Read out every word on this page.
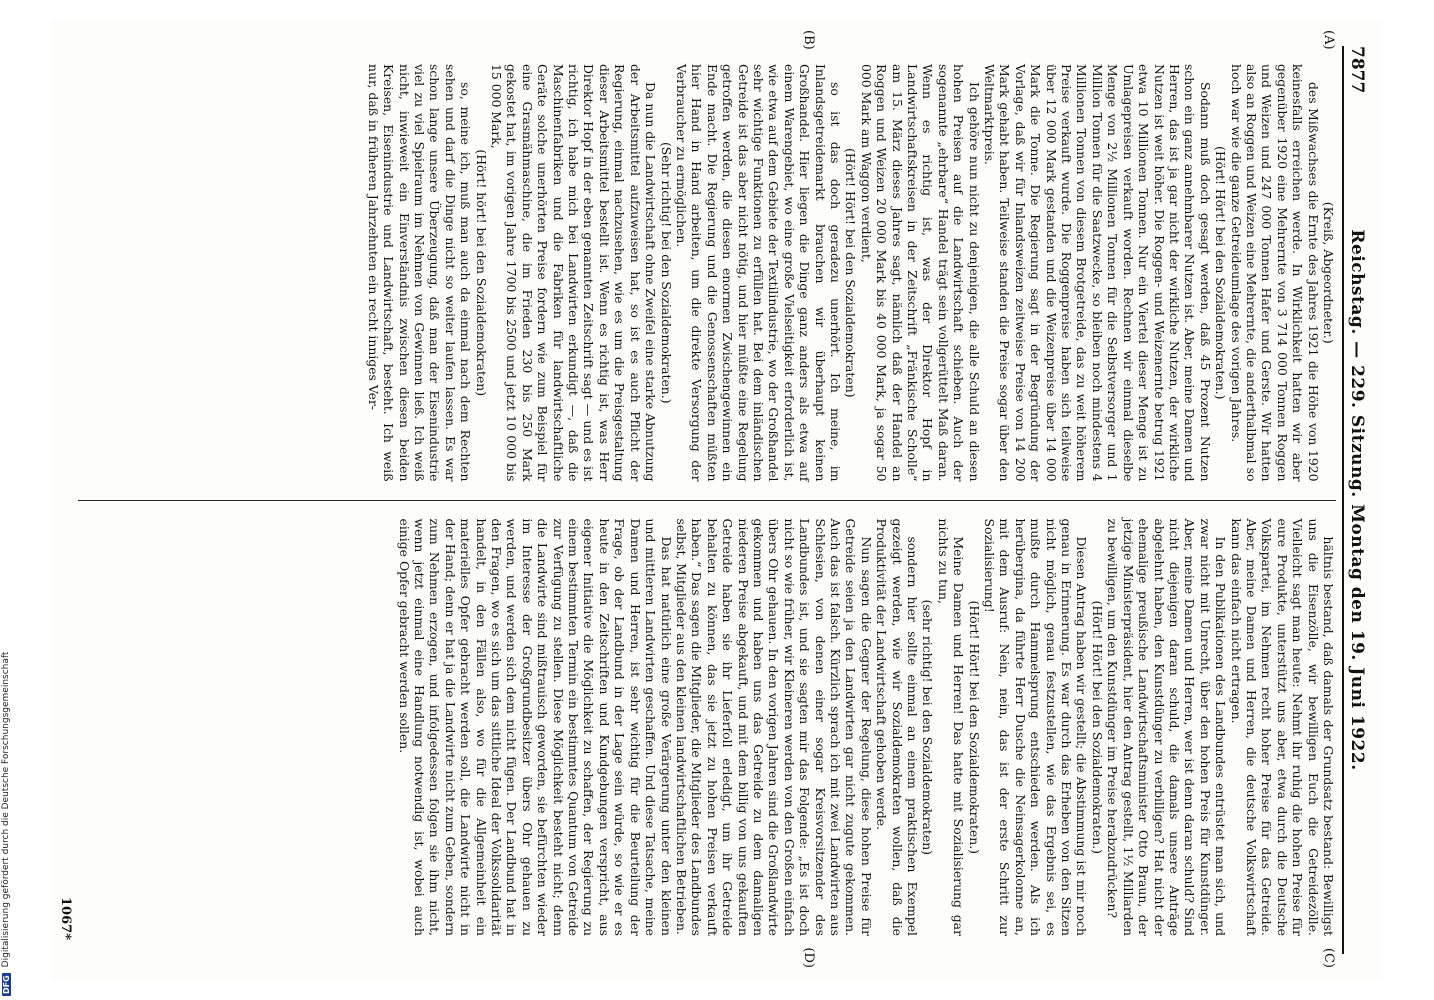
DFG
Digitalisierung gefördert durch die Deutsche Forschungsgemeinschaft
7877
Reichstag. — 229. Sitzung. Montag den 19. Juni 1922.
(A)
(B)

(Kreiß, Abgeordneter.)

des Mißwachses die Ernte des Jahres 1921 die Höhe von 1920 keinesfalls erreichen werde. In Wirklichkeit hatten wir aber gegenüber 1920 eine Mehrernte von 3 714 000 Tonnen Roggen und Weizen und 247 000 Tonnen Hafer und Gerste. Wir hatten also an Roggen und Weizen eine Mehrernte, die anderthalbmal so hoch war wie die ganze Getreideumlage des vorigen Jahres.

(Hört! Hört! bei den Sozialdemokraten.)

Sodann muß doch gesagt werden, daß 45 Prozent Nutzen schon ein ganz annehmbarer Nutzen ist. Aber, meine Damen und Herren, das ist ja gar nicht der wirkliche Nutzen, der wirkliche Nutzen ist weit höher. Die Roggen- und Weizenernte betrug 1921 etwa 10 Millionen Tonnen. Nur ein Viertel dieser Menge ist zu Umlagepreisen verkauft worden. Rechnen wir einmal dieselbe Menge von 2½ Millionen Tonnen für die Selbstversorger und 1 Million Tonnen für die Saatzwecke, so bleiben noch mindestens 4 Millionen Tonnen von diesem Brotgetreide, das zu weit höherem Preise verkauft wurde. Die Roggenpreise haben sich teilweise über 12 000 Mark gestanden und die Weizenpreise über 14 000 Mark die Tonne. Die Regierung sagt in der Begründung der Vorlage, daß wir für Inlandsweizen zeitweise Preise von 14 200 Mark gehabt haben. Teilweise standen die Preise sogar über den Weltmarktpreis.

Ich gehöre nun nicht zu denjenigen, die alle Schuld an diesen hohen Preisen auf die Landwirtschaft schieben. Auch der sogenannte „ehrbare“ Handel trägt sein vollgerüttelt Maß daran. Wenn es richtig ist, was der Direktor Hopf in Landwirtschaftskreisen in der Zeitschrift „Fränkische Scholle“ am 15. März dieses Jahres sagt, nämlich daß der Handel an Roggen und Weizen 20 000 Mark bis 40 000 Mark, ja sogar 50 000 Mark am Waggon verdient,

(Hört! Hört! bei den Sozialdemokraten)

so ist das doch geradezu unerhört. Ich meine, im Inlandsgetreidemarkt brauchen wir überhaupt keinen Großhandel. Hier liegen die Dinge ganz anders als etwa auf einem Warengebiet, wo eine große Vielseitigkeit erforderlich ist, wie etwa auf dem Gebiete der Textilindustrie, wo der Großhandel sehr wichtige Funktionen zu erfüllen hat. Bei dem inländischen Getreide ist das aber nicht nötig, und hier müßte eine Regelung getroffen werden, die diesen enormen Zwischengewinnen ein Ende macht. Die Regierung und die Genossenschaften müßten hier Hand in Hand arbeiten, um die direkte Versorgung der Verbraucher zu ermöglichen.

(Sehr richtig! bei den Sozialdemokraten.)

Da nun die Landwirtschaft ohne Zweifel eine starke Abnutzung der Arbeitsmittel aufzuweisen hat, so ist es auch Pflicht der Regierung, einmal nachzusehen, wie es um die Preisgestaltung dieser Arbeitsmittel bestellt ist. Wenn es richtig ist, was Herr Direktor Hopf in der eben genannten Zeitschrift sagt — und es ist richtig, ich habe mich bei Landwirten erkundigt —, daß die Maschinenfabriken und die Fabriken für landwirtschaftliche Geräte solche unerhörten Preise fordern wie zum Beispiel für eine Grasmähmaschine, die im Frieden 230 bis 250 Mark gekostet hat, im vorigen Jahre 1700 bis 2500 und jetzt 10 000 bis 15 000 Mark,

(Hört! hört! bei den Sozialdemokraten)

so, meine ich, muß man auch da einmal nach dem Rechten sehen und darf die Dinge nicht so weiter laufen lassen. Es war schon lange unsere Überzeugung, daß man der Eisenindustrie viel zu viel Spielraum im Nehmen von Gewinnen ließ. Ich weiß nicht, inwieweit ein Einverständnis zwischen diesen beiden Kreisen, Eisenindustrie und Landwirtschaft, besteht. Ich weiß nur, daß in früheren Jahrzehnten ein recht inniges Ver-

(C)
(D)

hältnis bestand, daß damals der Grundsatz bestand: Bewilligst uns die Eisenzölle, wir bewilligen Euch die Getreidezölle. Vielleicht sagt man heute: Nehmt ihr ruhig die hohen Preise für eure Produkte, unterstützt uns aber, etwa durch die Deutsche Volkspartei, im Nehmen recht hoher Preise für das Getreide. Aber, meine Damen und Herren, die deutsche Volkswirtschaft kann das einfach nicht ertragen.

In den Publikationen des Landbundes entrüstet man sich, und zwar nicht mit Unrecht, über den hohen Preis für Kunstdünger. Aber, meine Damen und Herren, wer ist denn daran schuld? Sind nicht diejenigen daran schuld, die damals unsere Anträge abgelehnt haben, den Kunstdünger zu verbilligen? Hat nicht der ehemalige preußische Landwirtschaftsminister Otto Braun, der jetzige Ministerpräsident, hier den Antrag gestellt, 1½ Milliarden zu bewilligen, um den Kunstdünger im Preise herabzudrücken?

(Hört! Hört! bei den Sozialdemokraten.)

Diesen Antrag haben wir gestellt; die Abstimmung ist mir noch genau in Erinnerung. Es war durch das Erheben von den Sitzen nicht möglich, genau festzustellen, wie das Ergebnis sei, es mußte durch Hammelsprung entschieden werden. Als ich herübergina, da führte Herr Dusche die Neinsagerkolonne an, mit dem Ausruf: Nein, nein, das ist der erste Schritt zur Sozialisierung!

(Hört! Hört! bei den Sozialdemokraten.)

Meine Damen und Herren! Das hatte mit Sozialisierung gar nichts zu tun,

(sehr richtig! bei den Sozialdemokraten)

sondern hier sollte einmal an einem praktischen Exempel gezeigt werden, wie wir Sozialdemokraten wollen, daß die Produktivität der Landwirtschaft gehoben werde.

Nun sagen die Gegner der Regelung, diese hohen Preise für Getreide seien ja den Landwirten gar nicht zugute gekommen. Auch das ist falsch. Kürzlich sprach ich mit zwei Landwirten aus Schlesien, von denen einer sogar Kreisvorsitzender des Landbundes ist, und sie sagten mir das Folgende: „Es ist doch nicht so wie früher, wir Kleineren werden von den Großen einfach übers Ohr gehauen. In den vorigen Jahren sind die Großlandwirte gekommen und haben uns das Getreide zu dem damaligen niederen Preise abgekauft, und mit dem billig von uns gekauften Getreide haben sie ihr Lieferfoll erledigt, um ihr Getreide behalten zu können, das sie jetzt zu hohen Preisen verkauft haben.“ Das sagen die Mitglieder, die Mitglieder des Landbundes selbst, Mitglieder aus den kleinen landwirtschaftlichen Betrieben.

Das hat natürlich eine große Verärgerung unter den kleinen und mittleren Landwirten geschaffen. Und diese Tatsache, meine Damen und Herren, ist sehr wichtig für die Beurteilung der Frage, ob der Landbund in der Lage sein würde, so wie er es heute in den Zeitschriften und Kundgebungen verspricht, aus eigener Initiative die Möglichkeit zu schaffen, der Regierung zu einem bestimmten Termin ein bestimmtes Quantum von Getreide zur Verfügung zu stellen. Diese Möglichkeit besteht nicht; denn die Landwirte sind mißtrauisch geworden, sie befürchten wieder im Interesse der Großgrundbesitzer übers Ohr gehauen zu werden, und werden sich dem nicht fügen. Der Landbund hat in den Fragen, wo es sich um das sittliche Ideal der Volkssolidarität handelt, in den Fällen also, wo für die Allgemeinheit ein materielles Opfer gebracht werden soll, die Landwirte nicht in der Hand; denn er hat ja die Landwirte nicht zum Geben, sondern zum Nehmen erzogen, und infolgedessen folgen sie ihm nicht, wenn jetzt einmal eine Handlung notwendig ist, wobei auch einige Opfer gebracht werden sollen.

1067*
